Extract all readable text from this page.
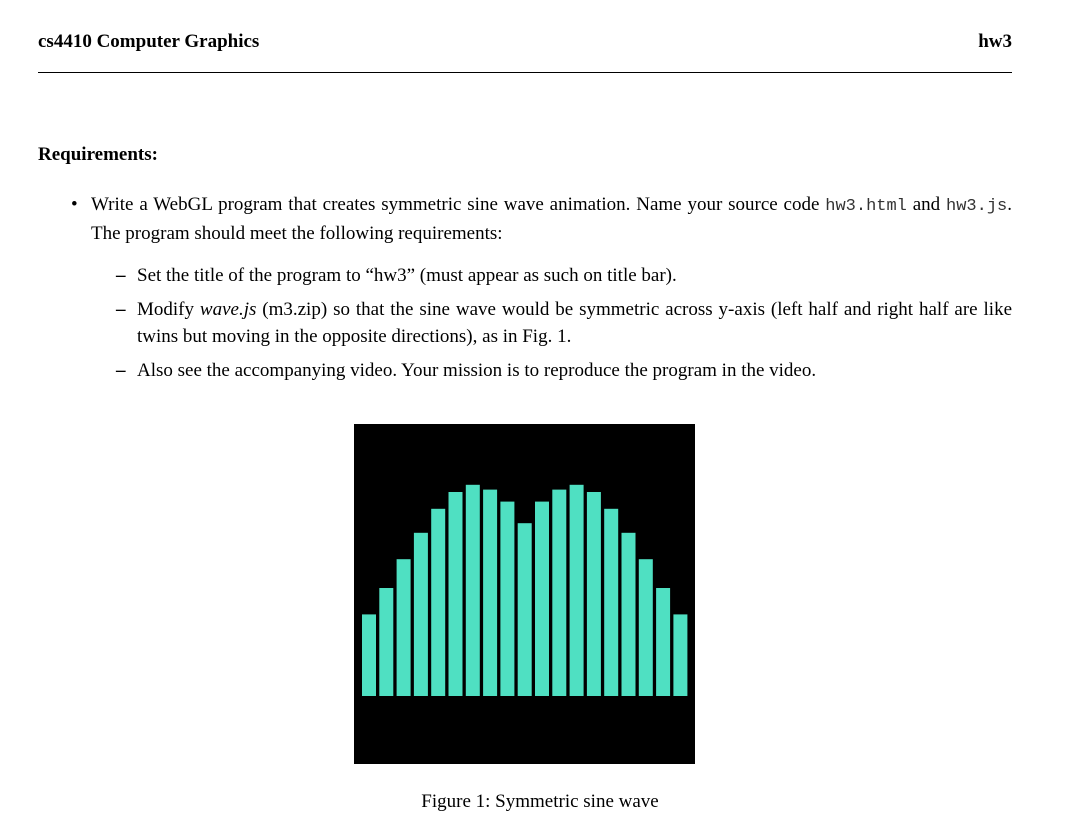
cs4410 Computer Graphics	hw3
Requirements:
• Write a WebGL program that creates symmetric sine wave animation. Name your source code hw3.html and hw3.js. The program should meet the following requirements:
– Set the title of the program to “hw3” (must appear as such on title bar).
– Modify wave.js (m3.zip) so that the sine wave would be symmetric across y-axis (left half and right half are like twins but moving in the opposite directions), as in Fig. 1.
– Also see the accompanying video. Your mission is to reproduce the program in the video.
Figure 1: Symmetric sine wave
